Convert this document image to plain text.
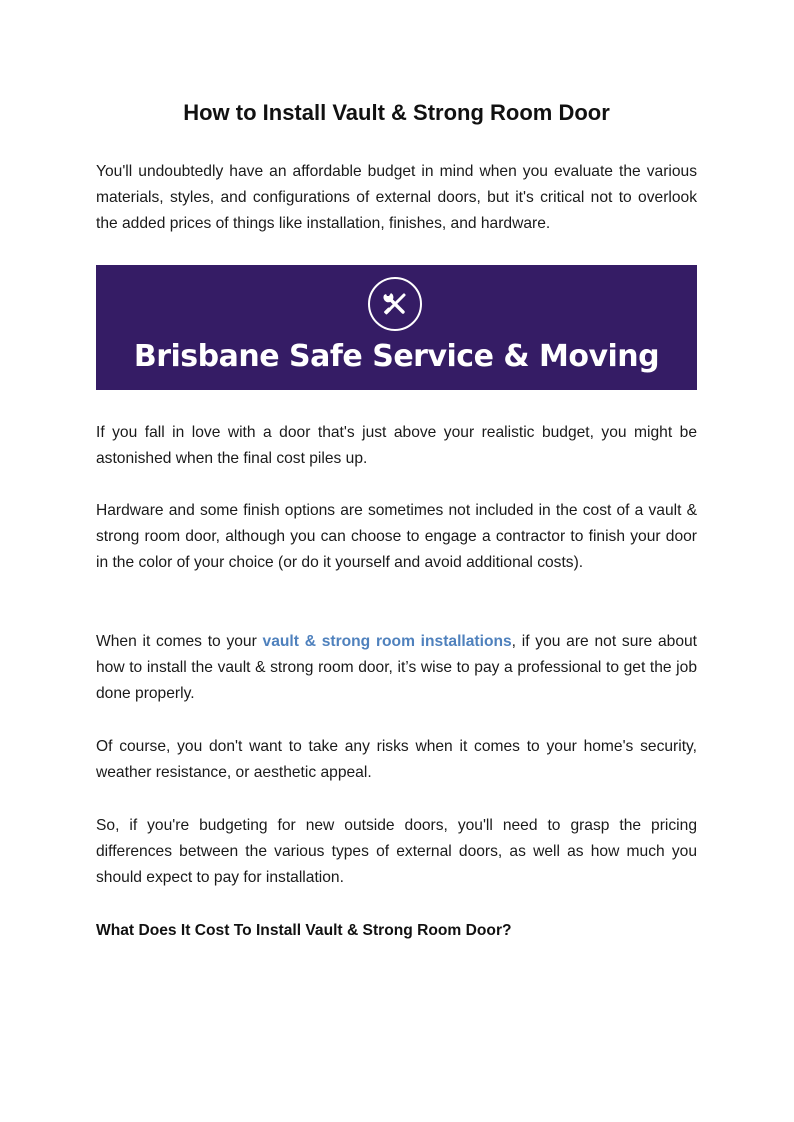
How to Install Vault & Strong Room Door

You'll undoubtedly have an affordable budget in mind when you evaluate the various materials, styles, and configurations of external doors, but it's critical not to overlook the added prices of things like installation, finishes, and hardware.

Brisbane Safe Service & Moving

If you fall in love with a door that's just above your realistic budget, you might be astonished when the final cost piles up.

Hardware and some finish options are sometimes not included in the cost of a vault & strong room door, although you can choose to engage a contractor to finish your door in the color of your choice (or do it yourself and avoid additional costs).

When it comes to your vault & strong room installations, if you are not sure about how to install the vault & strong room door, it’s wise to pay a professional to get the job done properly.

Of course, you don't want to take any risks when it comes to your home's security, weather resistance, or aesthetic appeal.

So, if you're budgeting for new outside doors, you'll need to grasp the pricing differences between the various types of external doors, as well as how much you should expect to pay for installation.

What Does It Cost To Install Vault & Strong Room Door?
